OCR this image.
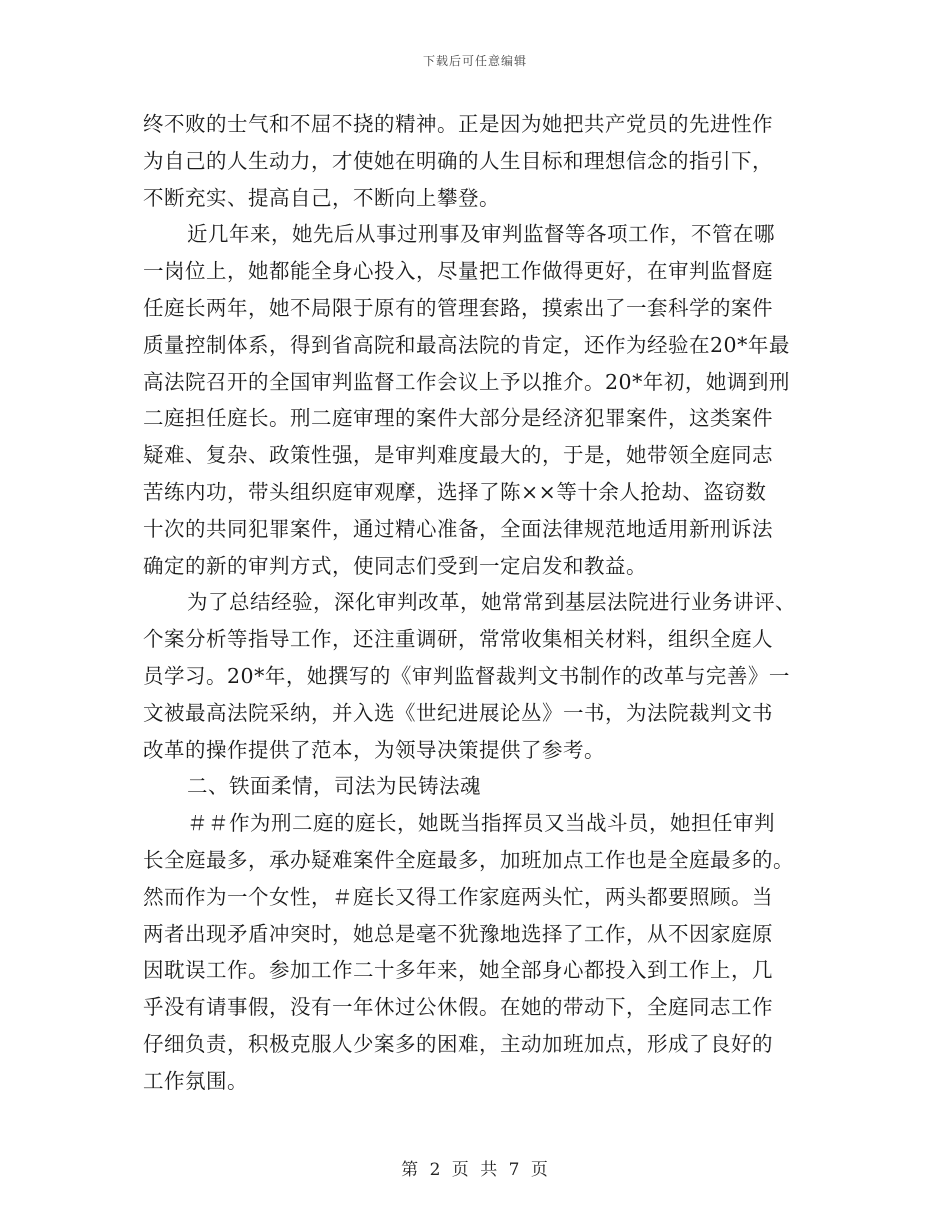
下载后可任意编辑
终不败的士气和不屈不挠的精神。正是因为她把共产党员的先进性作
为自己的人生动力，才使她在明确的人生目标和理想信念的指引下，
不断充实、提高自己，不断向上攀登。
近几年来，她先后从事过刑事及审判监督等各项工作，不管在哪
一岗位上，她都能全身心投入，尽量把工作做得更好，在审判监督庭
任庭长两年，她不局限于原有的管理套路，摸索出了一套科学的案件
质量控制体系，得到省高院和最高法院的肯定，还作为经验在20*年最
高法院召开的全国审判监督工作会议上予以推介。20*年初，她调到刑
二庭担任庭长。刑二庭审理的案件大部分是经济犯罪案件，这类案件
疑难、复杂、政策性强，是审判难度最大的，于是，她带领全庭同志
苦练内功，带头组织庭审观摩，选择了陈××等十余人抢劫、盗窃数
十次的共同犯罪案件，通过精心准备，全面法律规范地适用新刑诉法
确定的新的审判方式，使同志们受到一定启发和教益。
为了总结经验，深化审判改革，她常常到基层法院进行业务讲评、
个案分析等指导工作，还注重调研，常常收集相关材料，组织全庭人
员学习。20*年，她撰写的《审判监督裁判文书制作的改革与完善》一
文被最高法院采纳，并入选《世纪进展论丛》一书，为法院裁判文书
改革的操作提供了范本，为领导决策提供了参考。
二、铁面柔情，司法为民铸法魂
＃＃作为刑二庭的庭长，她既当指挥员又当战斗员，她担任审判
长全庭最多，承办疑难案件全庭最多，加班加点工作也是全庭最多的。
然而作为一个女性，＃庭长又得工作家庭两头忙，两头都要照顾。当
两者出现矛盾冲突时，她总是毫不犹豫地选择了工作，从不因家庭原
因耽误工作。参加工作二十多年来，她全部身心都投入到工作上，几
乎没有请事假，没有一年休过公休假。在她的带动下，全庭同志工作
仔细负责，积极克服人少案多的困难，主动加班加点，形成了良好的
工作氛围。
第 2 页 共 7 页
